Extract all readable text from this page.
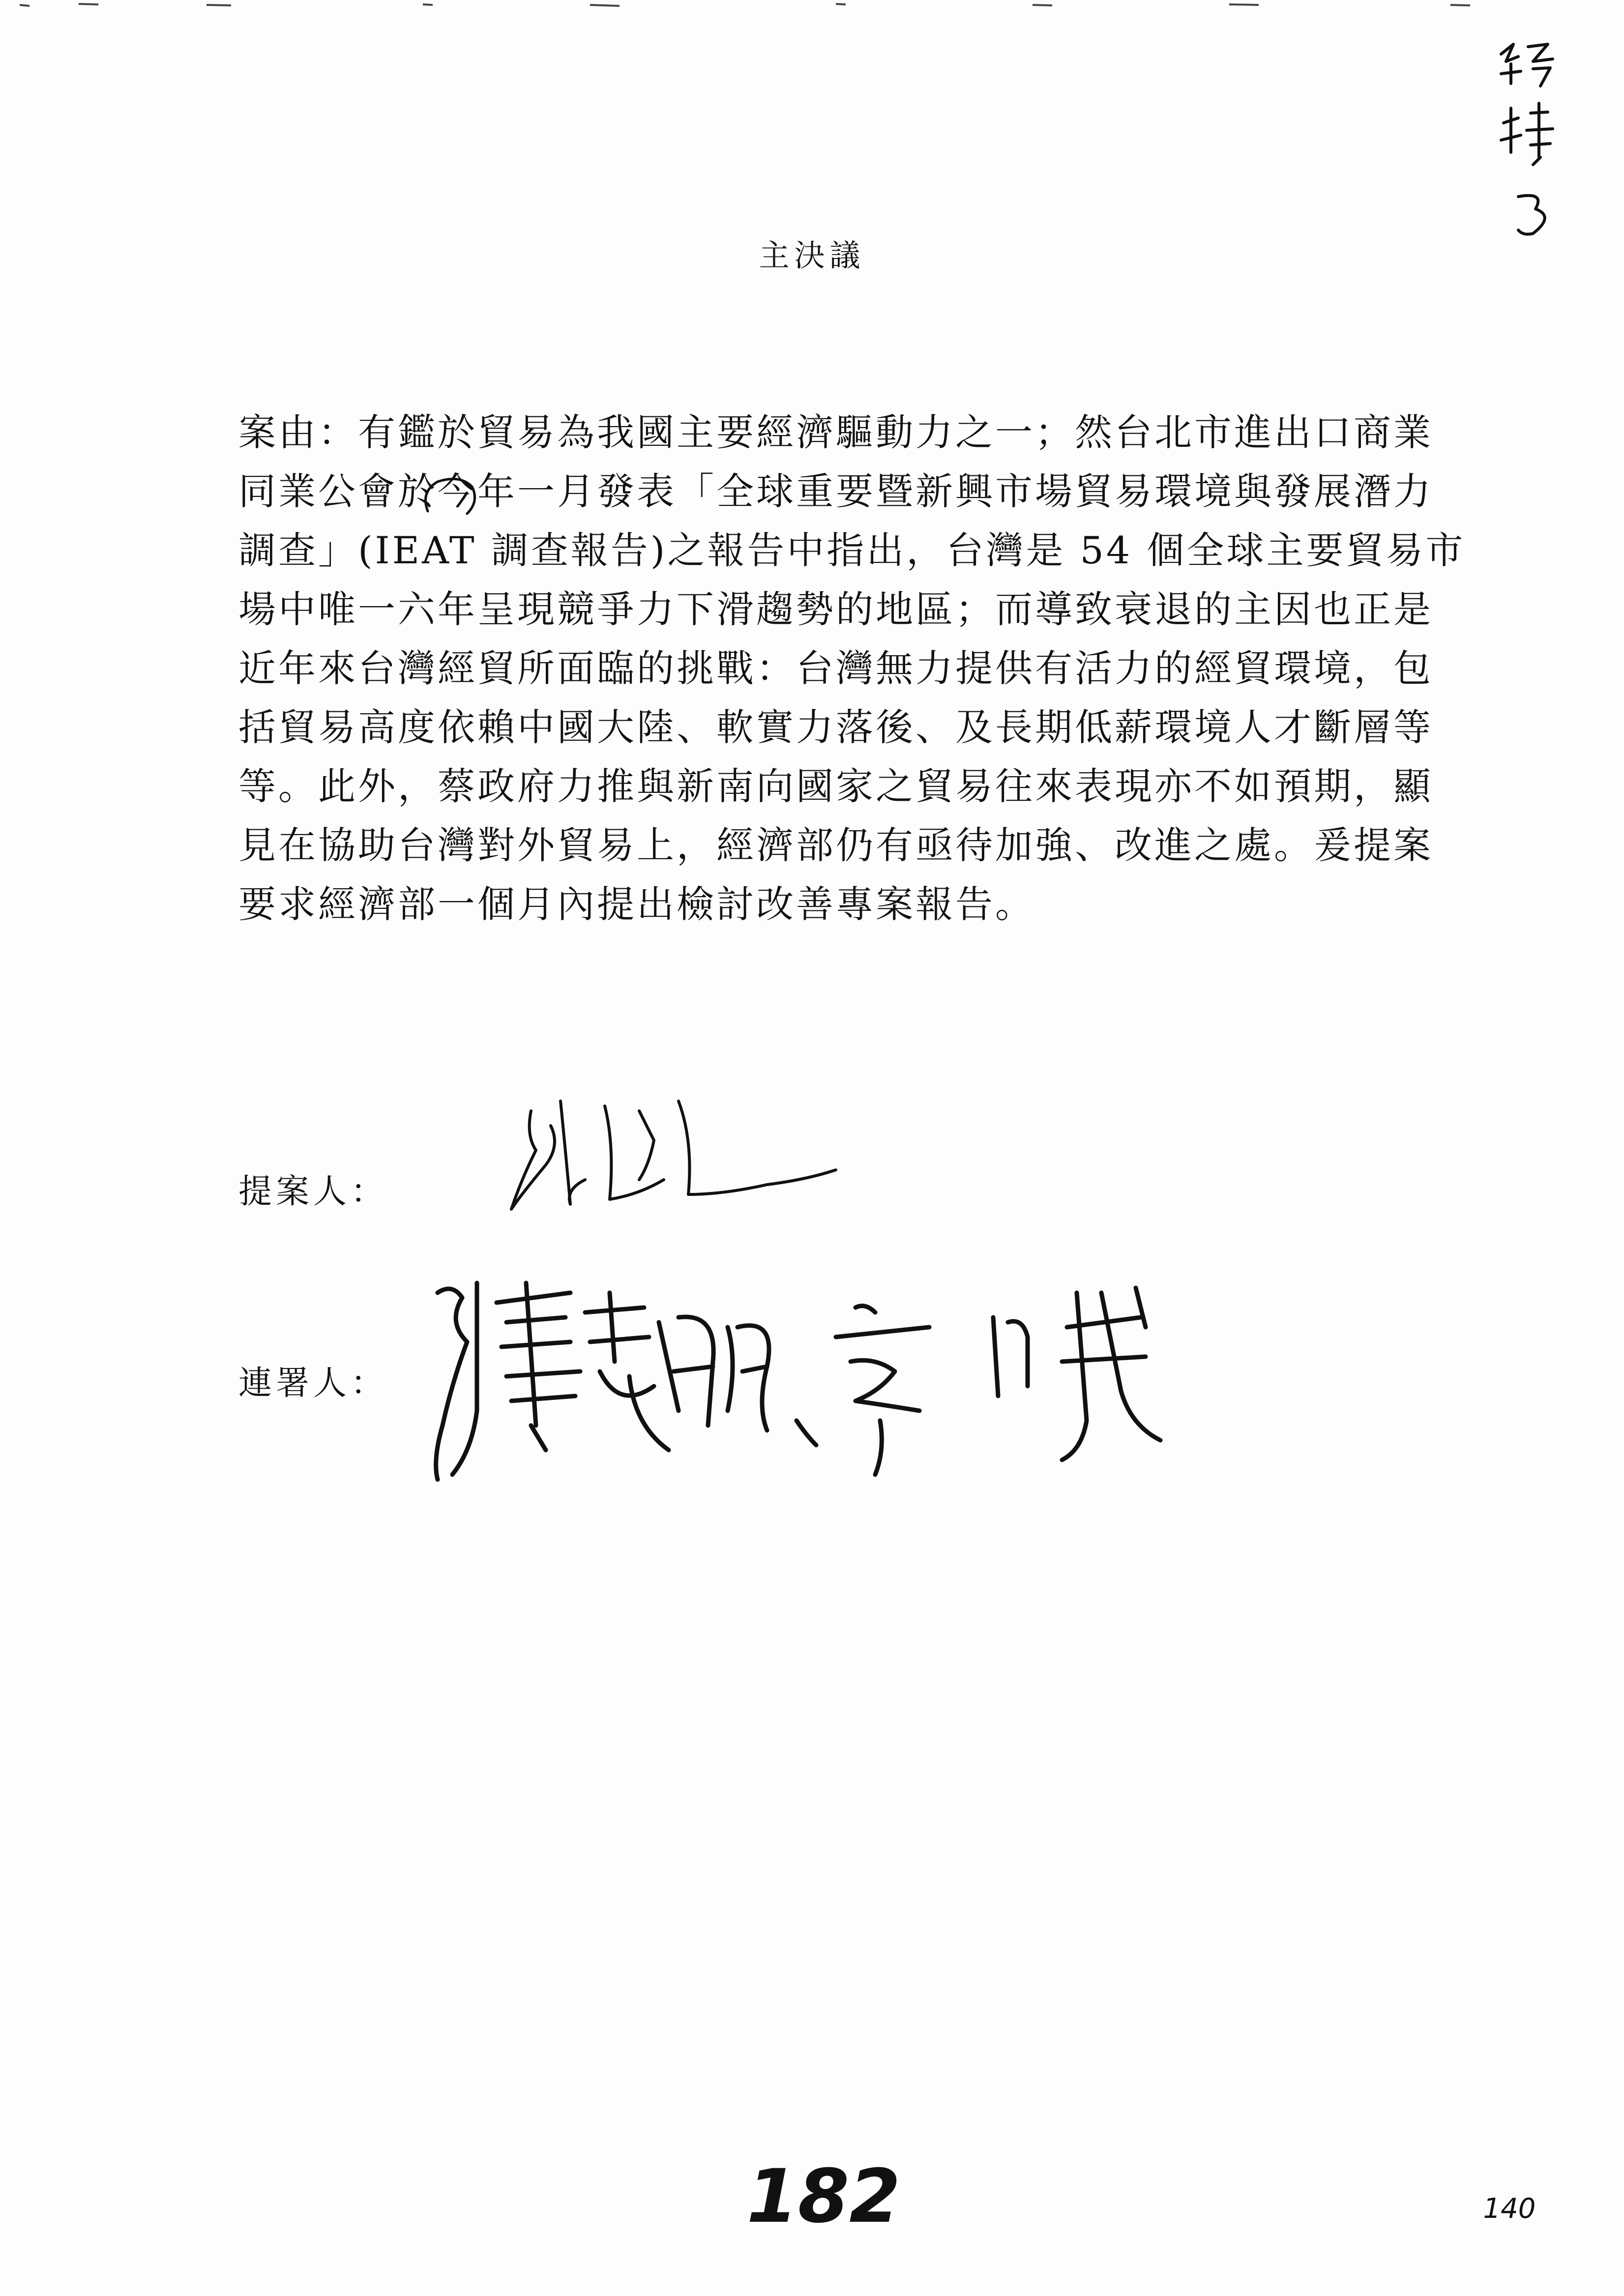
主決議
案由：有鑑於貿易為我國主要經濟驅動力之一；然台北市進出口商業
同業公會於今年一月發表「全球重要暨新興市場貿易環境與發展潛力
調查」(IEAT 調查報告)之報告中指出，台灣是 54 個全球主要貿易市
場中唯一六年呈現競爭力下滑趨勢的地區；而導致衰退的主因也正是
近年來台灣經貿所面臨的挑戰：台灣無力提供有活力的經貿環境，包
括貿易高度依賴中國大陸、軟實力落後、及長期低薪環境人才斷層等
等。此外，蔡政府力推與新南向國家之貿易往來表現亦不如預期，顯
見在協助台灣對外貿易上，經濟部仍有亟待加強、改進之處。爰提案
要求經濟部一個月內提出檢討改善專案報告。
提案人：
連署人：
182	140
